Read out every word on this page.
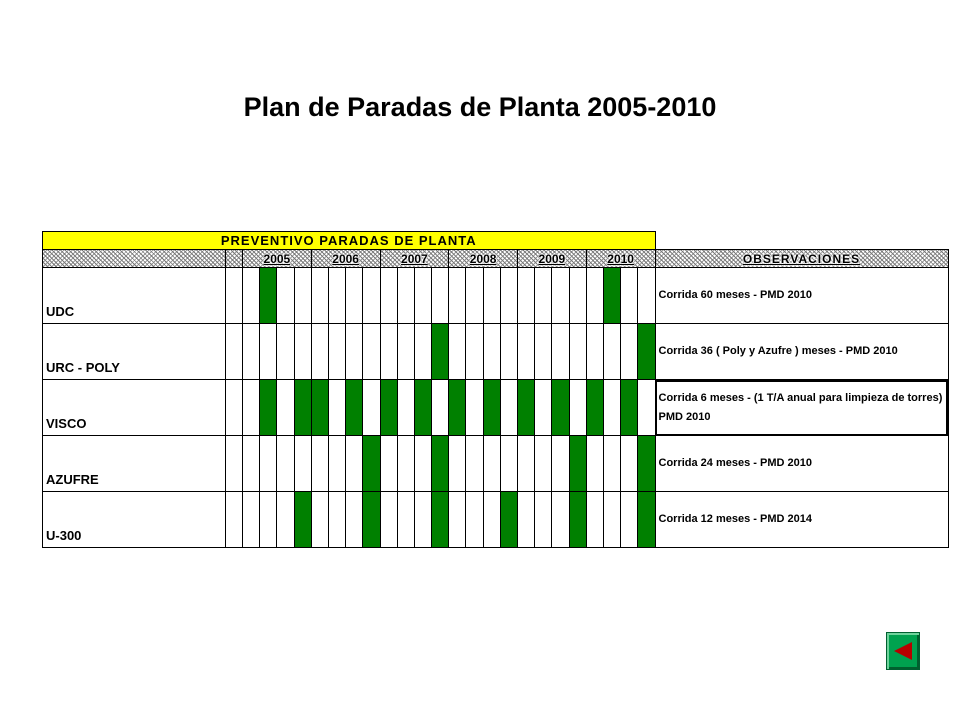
Plan de Paradas de Planta 2005-2010
PREVENTIVO PARADAS DE PLANTA																										
		2005				2006				2007				2008				2009				2010				OBSERVACIONES
UDC																										Corrida 60 meses - PMD 2010
URC - POLY																										Corrida 36 ( Poly y Azufre ) meses - PMD 2010
VISCO																										Corrida 6 meses - (1 T/A anual para limpieza de torres) PMD 2010
AZUFRE																										Corrida 24 meses - PMD 2010
U-300																										Corrida 12 meses - PMD 2014
